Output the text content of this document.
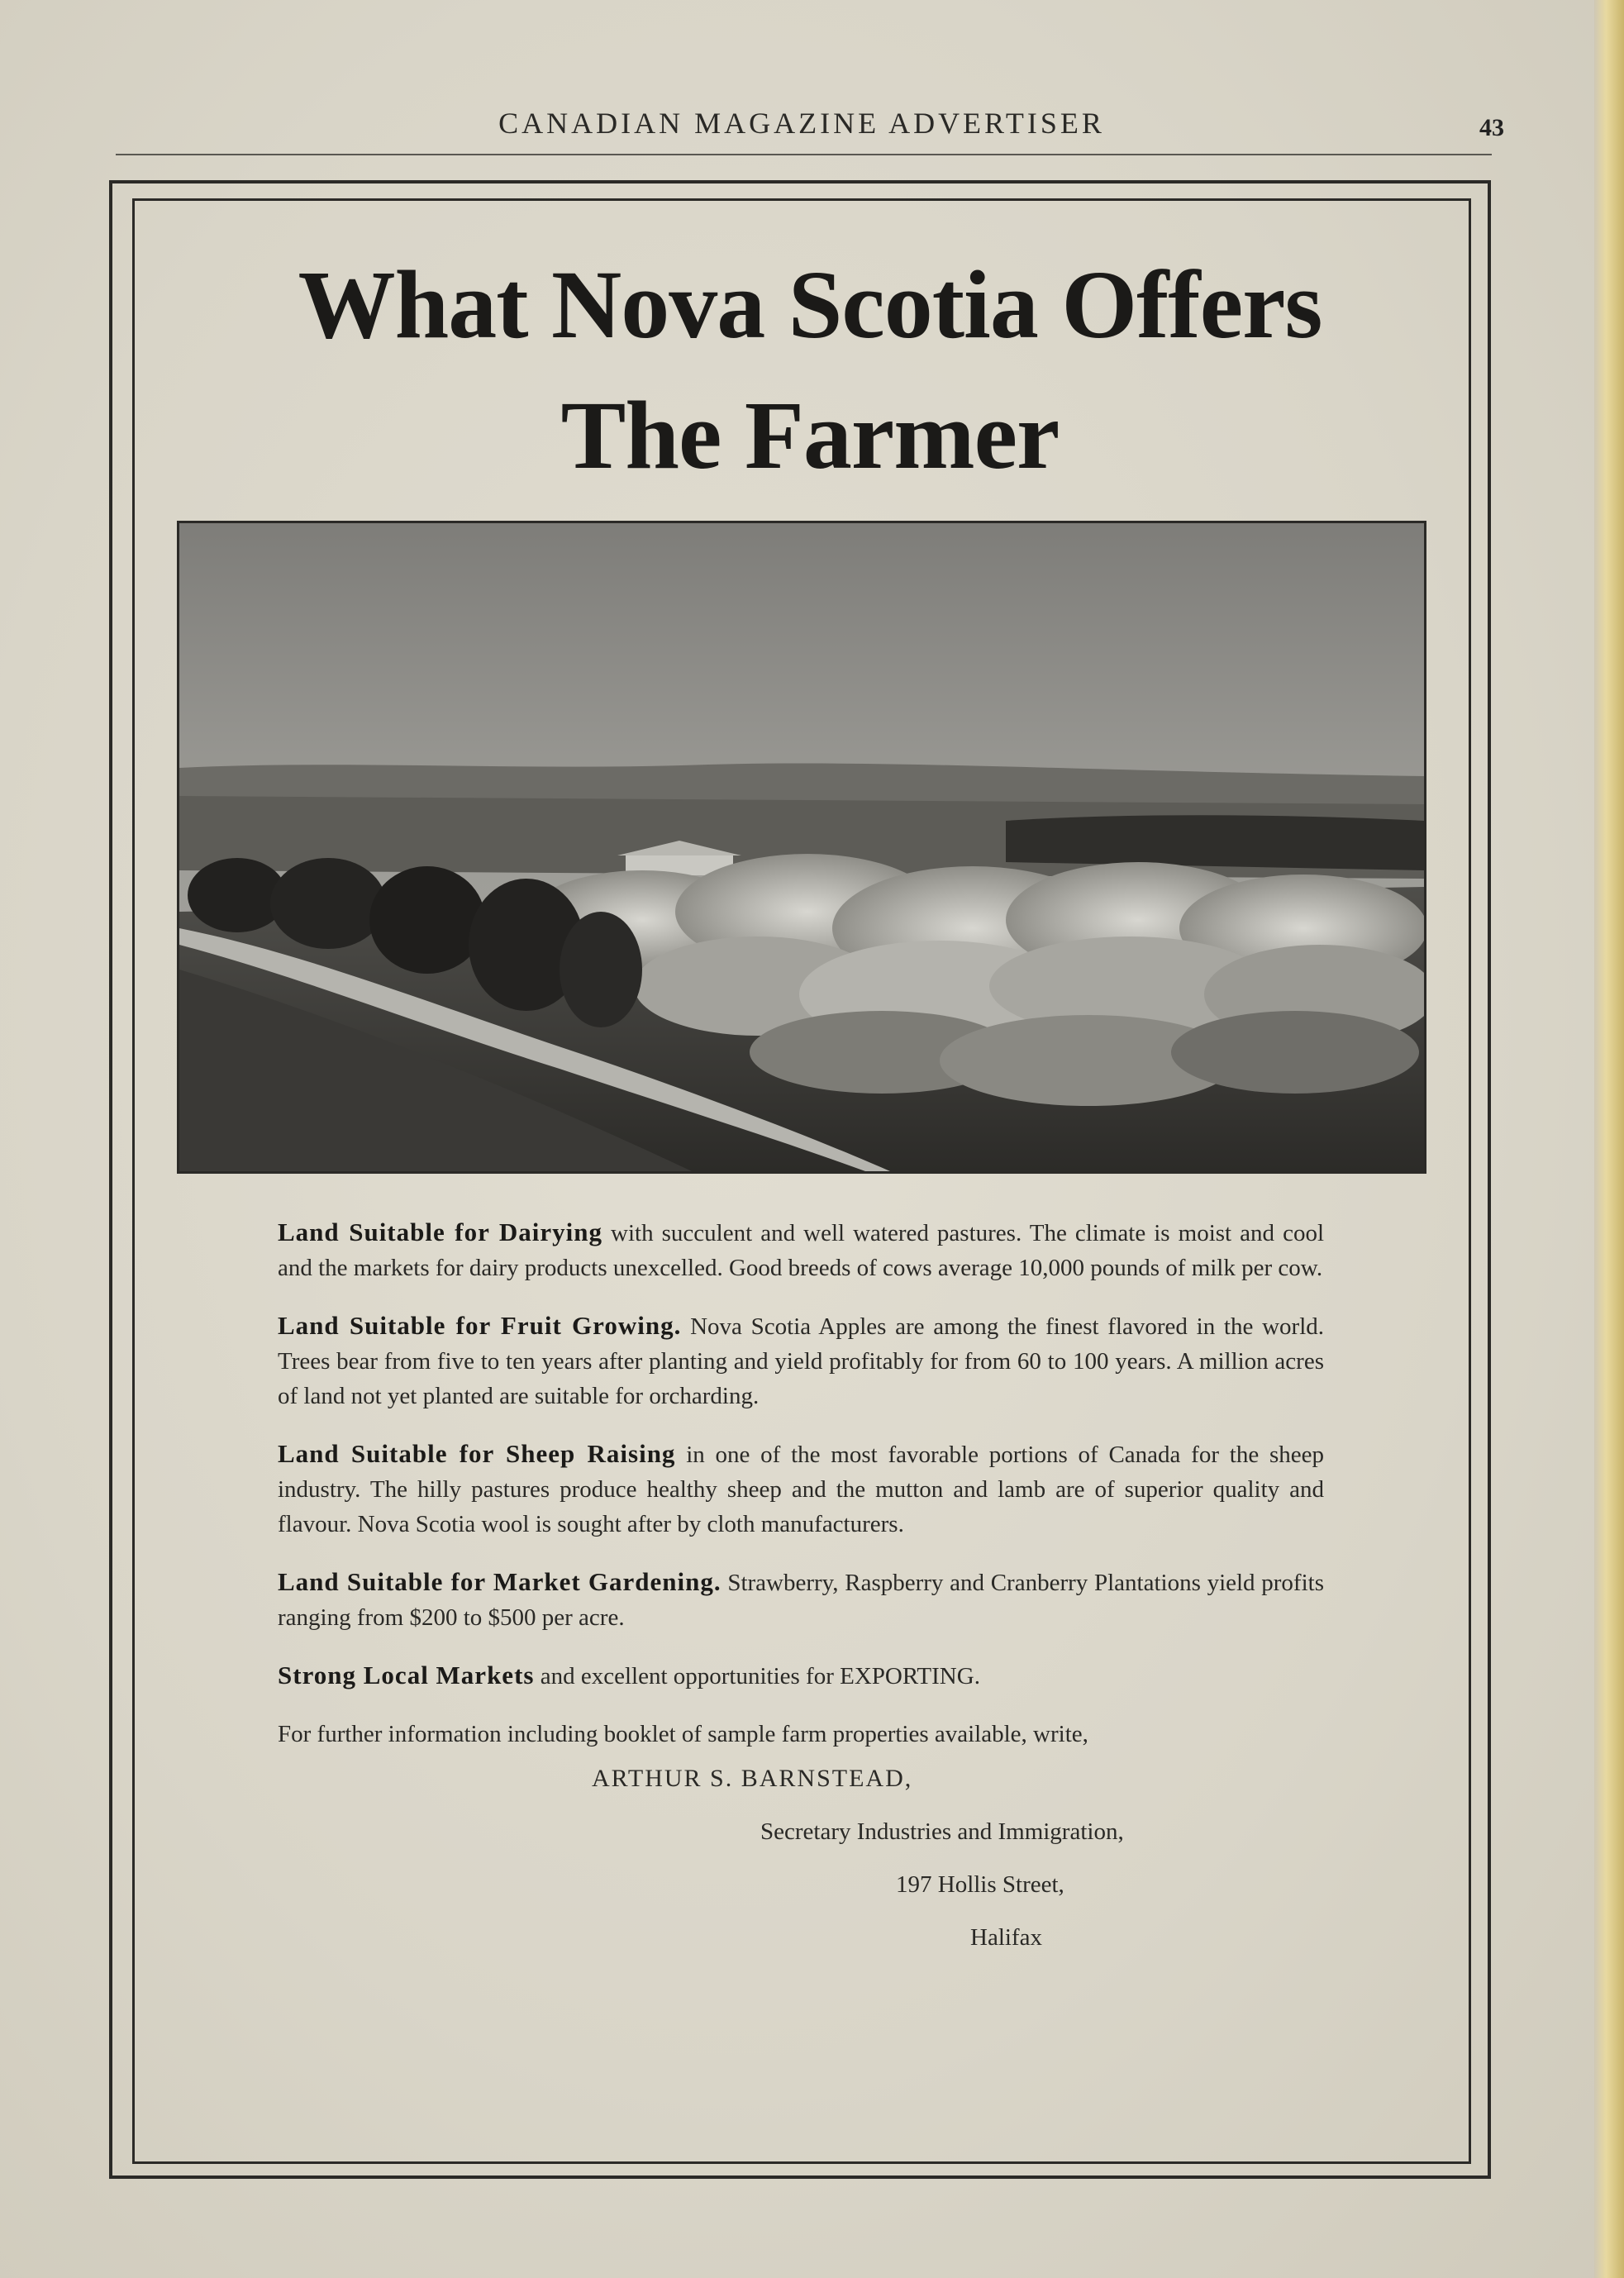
CANADIAN MAGAZINE ADVERTISER	43
What Nova Scotia Offers
The Farmer

Land Suitable for Dairying with succulent and well watered pastures. The climate is moist and cool and the markets for dairy products unexcelled. Good breeds of cows average 10,000 pounds of milk per cow.

Land Suitable for Fruit Growing. Nova Scotia Apples are among the finest flavored in the world. Trees bear from five to ten years after planting and yield profitably for from 60 to 100 years. A million acres of land not yet planted are suitable for orcharding.

Land Suitable for Sheep Raising in one of the most favorable portions of Canada for the sheep industry. The hilly pastures produce healthy sheep and the mutton and lamb are of superior quality and flavour. Nova Scotia wool is sought after by cloth manufacturers.

Land Suitable for Market Gardening. Strawberry, Raspberry and Cranberry Plantations yield profits ranging from $200 to $500 per acre.

Strong Local Markets and excellent opportunities for EXPORTING.

For further information including booklet of sample farm properties available, write,

ARTHUR S. BARNSTEAD,

Secretary Industries and Immigration,

197 Hollis Street,

Halifax
